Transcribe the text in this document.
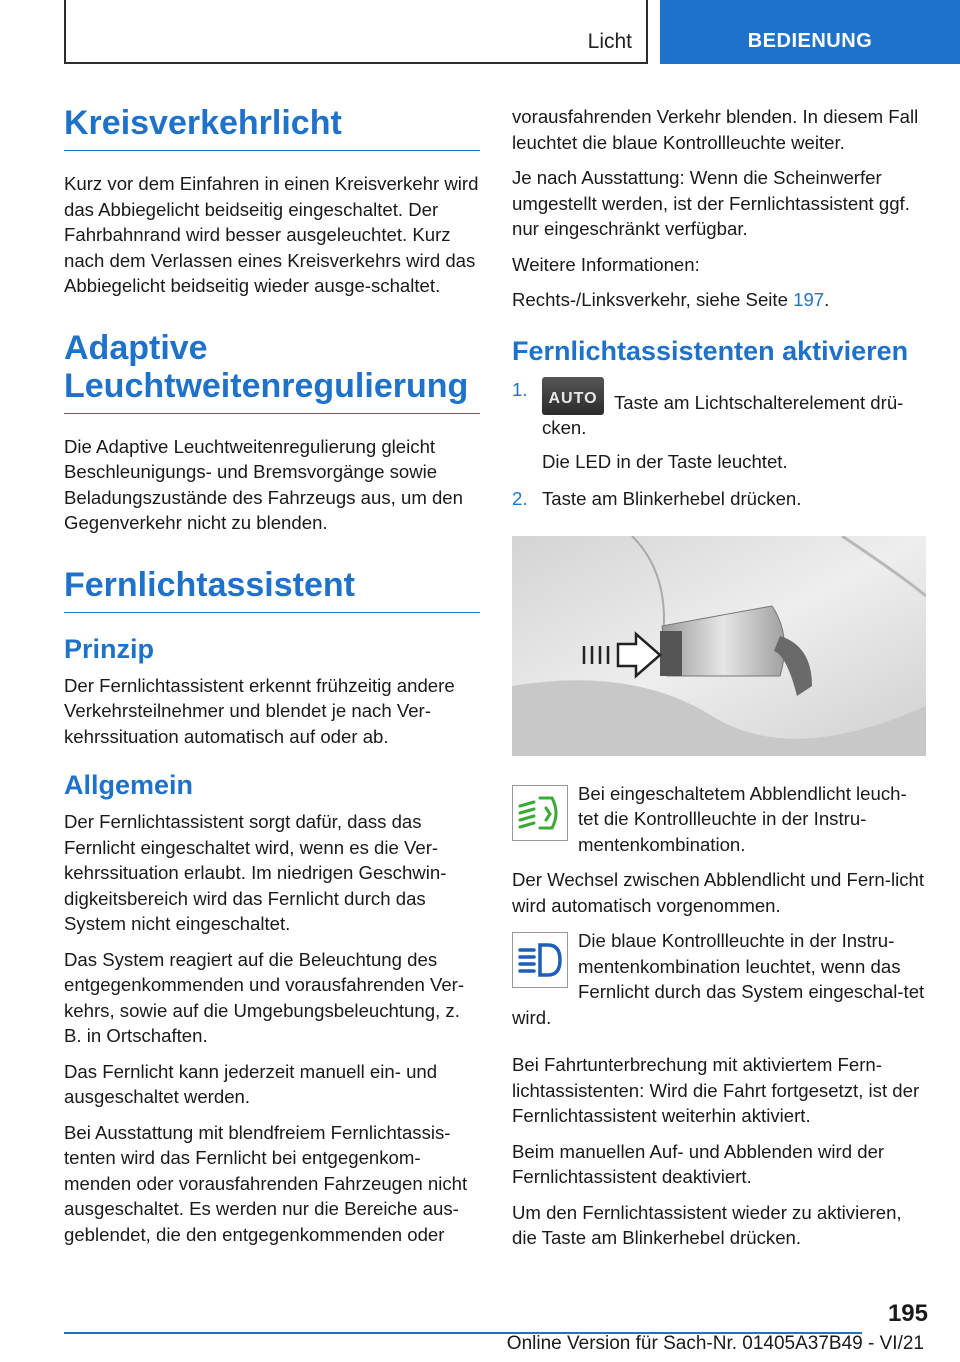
Licht	BEDIENUNG
Kreisverkehrlicht

Kurz vor dem Einfahren in einen Kreisverkehr wird das Abbiegelicht beidseitig eingeschaltet. Der Fahrbahnrand wird besser ausgeleuchtet. Kurz nach dem Verlassen eines Kreisverkehrs wird das Abbiegelicht beidseitig wieder ausge‐schaltet.

Adaptive Leuchtweitenregulierung

Die Adaptive Leuchtweitenregulierung gleicht Beschleunigungs- und Bremsvorgänge sowie Beladungszustände des Fahrzeugs aus, um den Gegenverkehr nicht zu blenden.

Fernlichtassistent
Prinzip

Der Fernlichtassistent erkennt frühzeitig andere Verkehrsteilnehmer und blendet je nach Ver‐kehrssituation automatisch auf oder ab.

Allgemein

Der Fernlichtassistent sorgt dafür, dass das Fernlicht eingeschaltet wird, wenn es die Ver‐kehrssituation erlaubt. Im niedrigen Geschwin‐digkeitsbereich wird das Fernlicht durch das System nicht eingeschaltet.

Das System reagiert auf die Beleuchtung des entgegenkommenden und vorausfahrenden Ver‐kehrs, sowie auf die Umgebungsbeleuchtung, z. B. in Ortschaften.

Das Fernlicht kann jederzeit manuell ein- und ausgeschaltet werden.

Bei Ausstattung mit blendfreiem Fernlichtassis‐tenten wird das Fernlicht bei entgegenkom‐menden oder vorausfahrenden Fahrzeugen nicht ausgeschaltet. Es werden nur die Bereiche aus‐geblendet, die den entgegenkommenden oder

vorausfahrenden Verkehr blenden. In diesem Fall leuchtet die blaue Kontrollleuchte weiter.

Je nach Ausstattung: Wenn die Scheinwerfer umgestellt werden, ist der Fernlichtassistent ggf. nur eingeschränkt verfügbar.

Weitere Informationen:

Rechts-/Linksverkehr, siehe Seite 197.

Fernlichtassistenten aktivieren
1.	AUTO Taste am Lichtschalterelement drü‐cken.

Die LED in der Taste leuchtet.

2. Taste am Blinkerhebel drücken.

Bei eingeschaltetem Abblendlicht leuch‐tet die Kontrollleuchte in der Instru‐mentenkombination.

Der Wechsel zwischen Abblendlicht und Fern‐licht wird automatisch vorgenommen.

Die blaue Kontrollleuchte in der Instru‐mentenkombination leuchtet, wenn das Fernlicht durch das System eingeschal‐tet wird.

Bei Fahrtunterbrechung mit aktiviertem Fern‐lichtassistenten: Wird die Fahrt fortgesetzt, ist der Fernlichtassistent weiterhin aktiviert.

Beim manuellen Auf- und Abblenden wird der Fernlichtassistent deaktiviert.

Um den Fernlichtassistent wieder zu aktivieren, die Taste am Blinkerhebel drücken.

195
Online Version für Sach-Nr. 01405A37B49 - VI/21
